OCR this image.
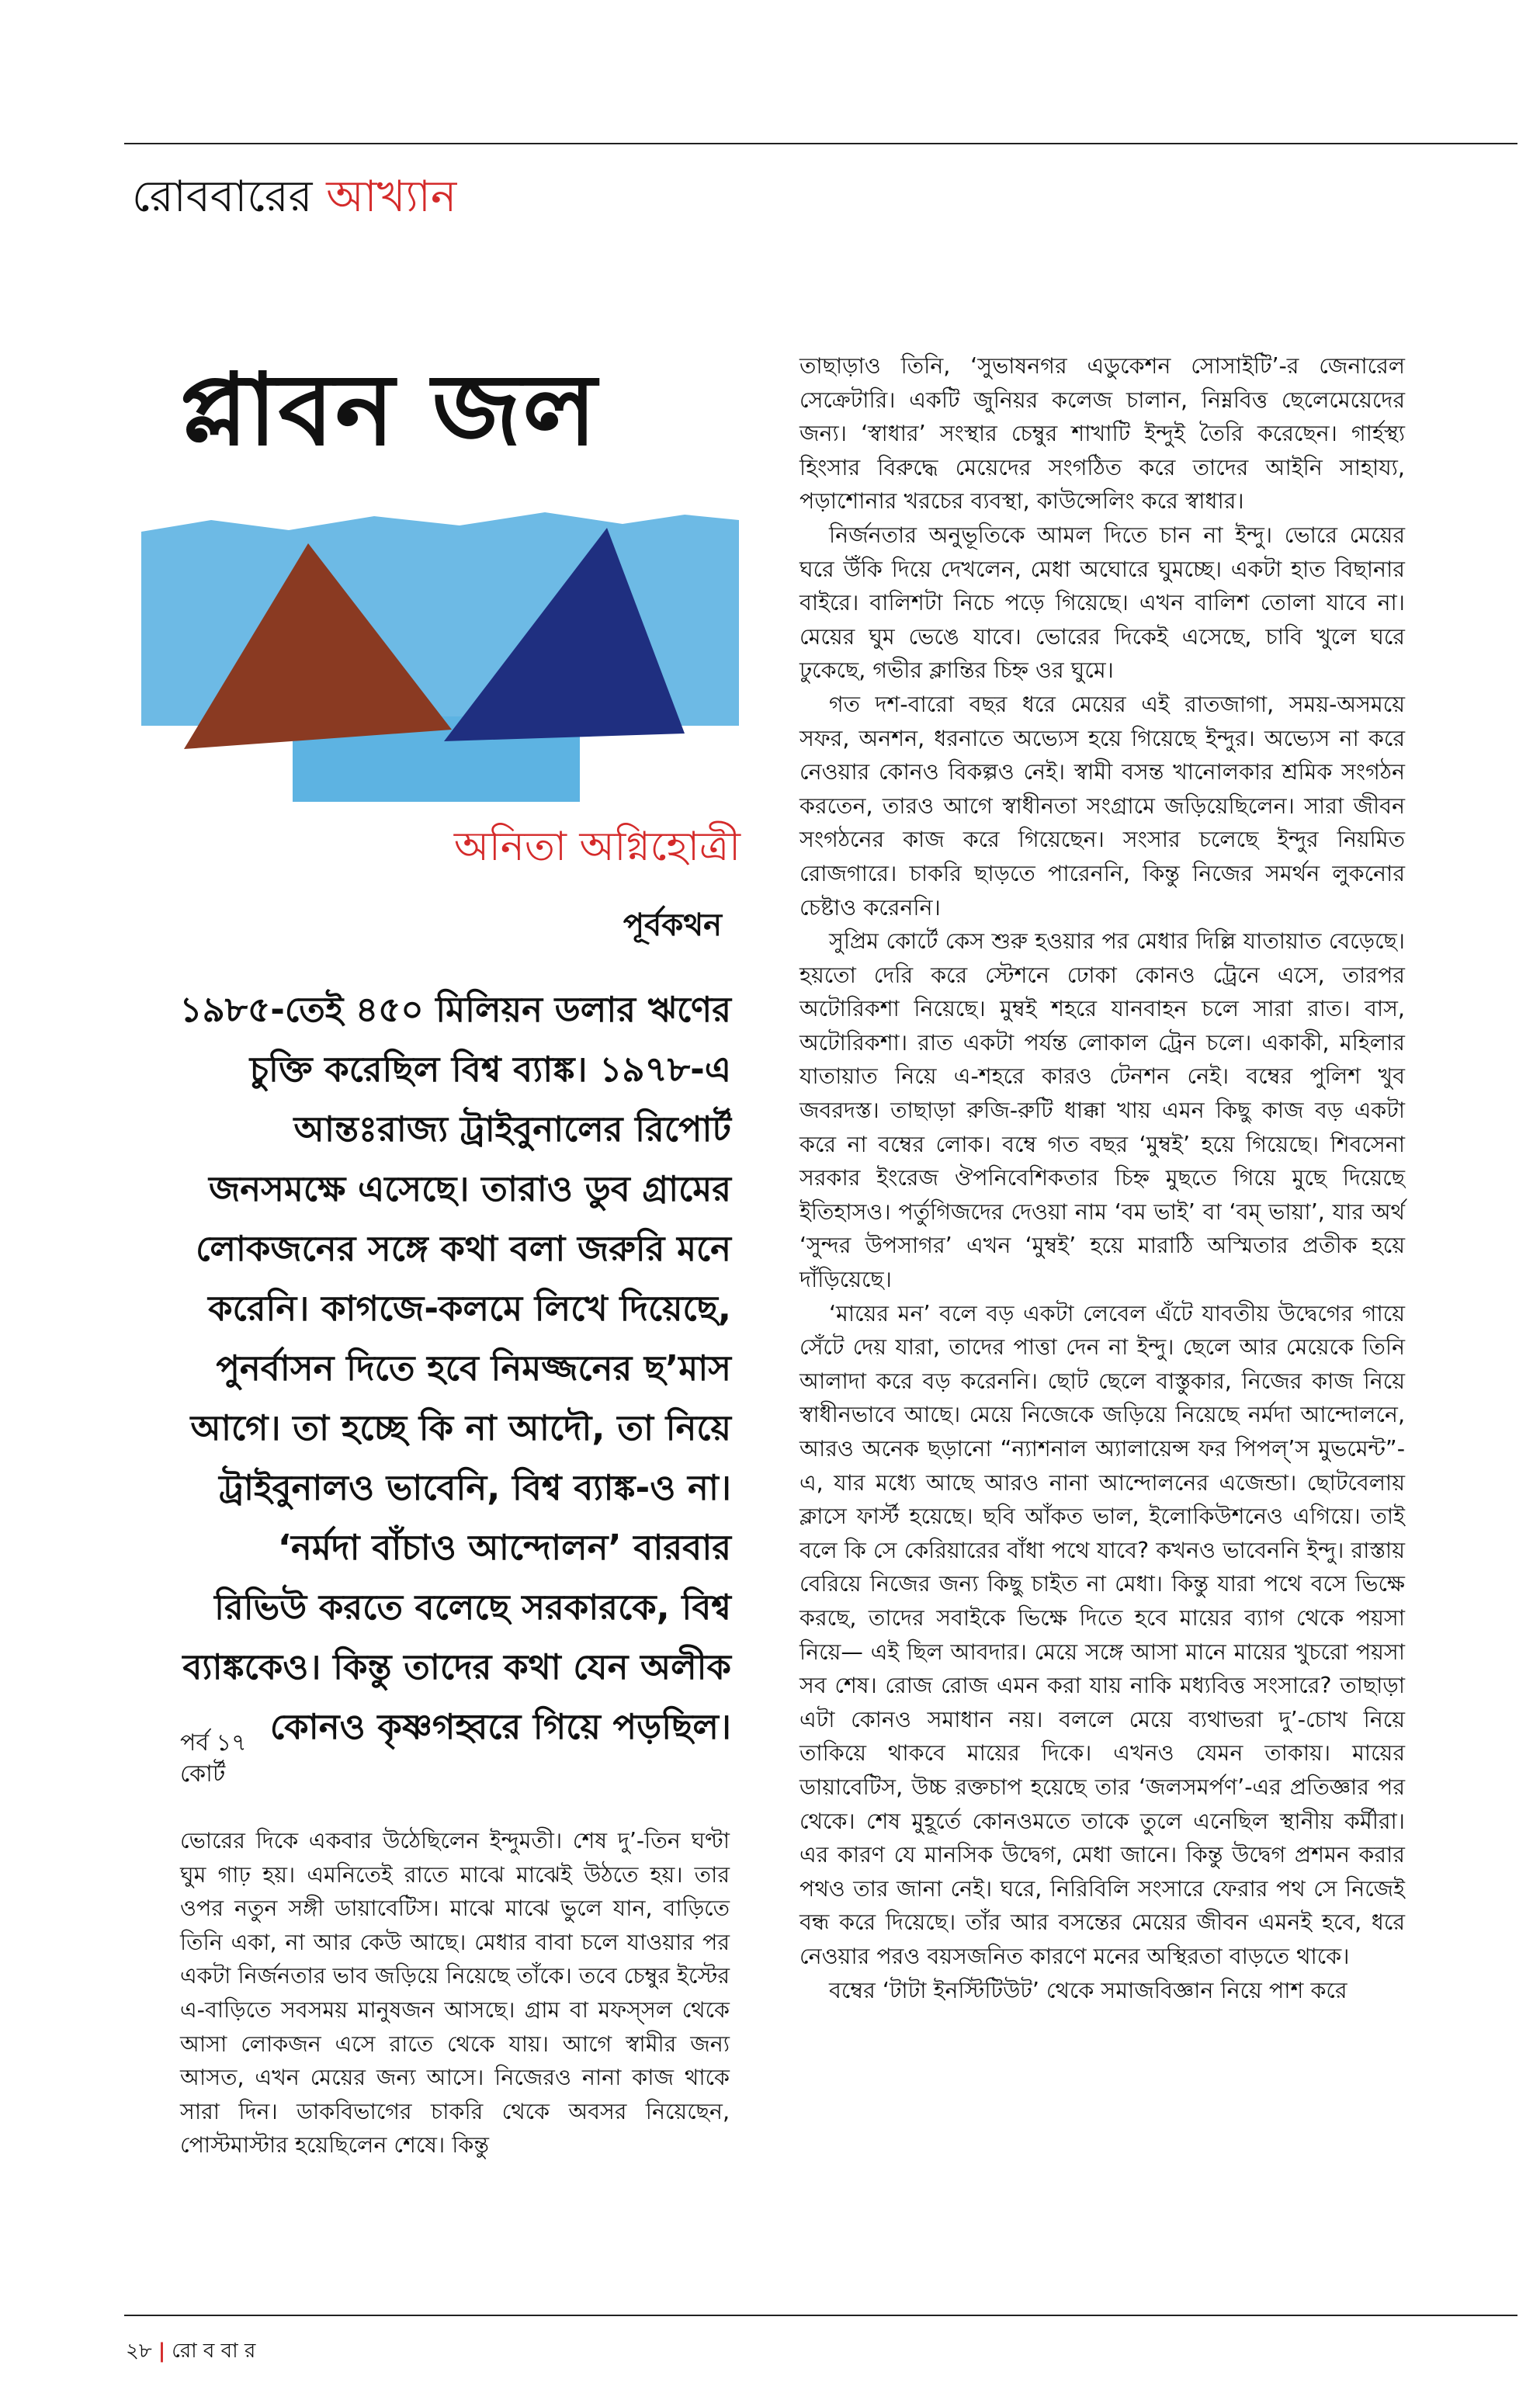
রোববারের আখ্যান
প্লাবন জল
অনিতা অগ্নিহোত্রী
পূর্বকথন

১৯৮৫-তেই ৪৫০ মিলিয়ন ডলার ঋণের চুক্তি করেছিল বিশ্ব ব্যাঙ্ক। ১৯৭৮-এ আন্তঃরাজ্য ট্রাইবুনালের রিপোর্ট জনসমক্ষে এসেছে। তারাও ডুব গ্রামের লোকজনের সঙ্গে কথা বলা জরুরি মনে করেনি। কাগজে-কলমে লিখে দিয়েছে, পুনর্বাসন দিতে হবে নিমজ্জনের ছ’মাস আগে। তা হচ্ছে কি না আদৌ, তা নিয়ে ট্রাইবুনালও ভাবেনি, বিশ্ব ব্যাঙ্ক-ও না। ‘নর্মদা বাঁচাও আন্দোলন’ বারবার রিভিউ করতে বলেছে সরকারকে, বিশ্ব ব্যাঙ্ককেও। কিন্তু তাদের কথা যেন অলীক কোনও কৃষ্ণগহ্বরে গিয়ে পড়ছিল।

পর্ব ১৭
কোর্ট

ভোরের দিকে একবার উঠেছিলেন ইন্দুমতী। শেষ দু’-তিন ঘণ্টা ঘুম গাঢ় হয়। এমনিতেই রাতে মাঝে মাঝেই উঠতে হয়। তার ওপর নতুন সঙ্গী ডায়াবেটিস। মাঝে মাঝে ভুলে যান, বাড়িতে তিনি একা, না আর কেউ আছে। মেধার বাবা চলে যাওয়ার পর একটা নির্জনতার ভাব জড়িয়ে নিয়েছে তাঁকে। তবে চেম্বুর ইস্টের এ-বাড়িতে সবসময় মানুষজন আসছে। গ্রাম বা মফস্সল থেকে আসা লোকজন এসে রাতে থেকে যায়। আগে স্বামীর জন্য আসত, এখন মেয়ের জন্য আসে। নিজেরও নানা কাজ থাকে সারা দিন। ডাকবিভাগের চাকরি থেকে অবসর নিয়েছেন, পোস্টমাস্টার হয়েছিলেন শেষে। কিন্তু

তাছাড়াও তিনি, ‘সুভাষনগর এডুকেশন সোসাইটি’-র জেনারেল সেক্রেটারি। একটি জুনিয়র কলেজ চালান, নিম্নবিত্ত ছেলেমেয়েদের জন্য। ‘স্বাধার’ সংস্থার চেম্বুর শাখাটি ইন্দুই তৈরি করেছেন। গার্হস্থ্য হিংসার বিরুদ্ধে মেয়েদের সংগঠিত করে তাদের আইনি সাহায্য, পড়াশোনার খরচের ব্যবস্থা, কাউন্সেলিং করে স্বাধার।

নির্জনতার অনুভূতিকে আমল দিতে চান না ইন্দু। ভোরে মেয়ের ঘরে উঁকি দিয়ে দেখলেন, মেধা অঘোরে ঘুমচ্ছে। একটা হাত বিছানার বাইরে। বালিশটা নিচে পড়ে গিয়েছে। এখন বালিশ তোলা যাবে না। মেয়ের ঘুম ভেঙে যাবে। ভোরের দিকেই এসেছে, চাবি খুলে ঘরে ঢুকেছে, গভীর ক্লান্তির চিহ্ন ওর ঘুমে।

গত দশ-বারো বছর ধরে মেয়ের এই রাতজাগা, সময়-অসময়ে সফর, অনশন, ধরনাতে অভ্যেস হয়ে গিয়েছে ইন্দুর। অভ্যেস না করে নেওয়ার কোনও বিকল্পও নেই। স্বামী বসন্ত খানোলকার শ্রমিক সংগঠন করতেন, তারও আগে স্বাধীনতা সংগ্রামে জড়িয়েছিলেন। সারা জীবন সংগঠনের কাজ করে গিয়েছেন। সংসার চলেছে ইন্দুর নিয়মিত রোজগারে। চাকরি ছাড়তে পারেননি, কিন্তু নিজের সমর্থন লুকনোর চেষ্টাও করেননি।

সুপ্রিম কোর্টে কেস শুরু হওয়ার পর মেধার দিল্লি যাতায়াত বেড়েছে। হয়তো দেরি করে স্টেশনে ঢোকা কোনও ট্রেনে এসে, তারপর অটোরিকশা নিয়েছে। মুম্বই শহরে যানবাহন চলে সারা রাত। বাস, অটোরিকশা। রাত একটা পর্যন্ত লোকাল ট্রেন চলে। একাকী, মহিলার যাতায়াত নিয়ে এ-শহরে কারও টেনশন নেই। বম্বের পুলিশ খুব জবরদস্ত। তাছাড়া রুজি-রুটি ধাক্কা খায় এমন কিছু কাজ বড় একটা করে না বম্বের লোক। বম্বে গত বছর ‘মুম্বই’ হয়ে গিয়েছে। শিবসেনা সরকার ইংরেজ ঔপনিবেশিকতার চিহ্ন মুছতে গিয়ে মুছে দিয়েছে ইতিহাসও। পর্তুগিজদের দেওয়া নাম ‘বম ভাই’ বা ‘বম্ ভায়া’, যার অর্থ ‘সুন্দর উপসাগর’ এখন ‘মুম্বই’ হয়ে মারাঠি অস্মিতার প্রতীক হয়ে দাঁড়িয়েছে।

‘মায়ের মন’ বলে বড় একটা লেবেল এঁটে যাবতীয় উদ্বেগের গায়ে সেঁটে দেয় যারা, তাদের পাত্তা দেন না ইন্দু। ছেলে আর মেয়েকে তিনি আলাদা করে বড় করেননি। ছোট ছেলে বাস্তুকার, নিজের কাজ নিয়ে স্বাধীনভাবে আছে। মেয়ে নিজেকে জড়িয়ে নিয়েছে নর্মদা আন্দোলনে, আরও অনেক ছড়ানো “ন্যাশনাল অ্যালায়েন্স ফর পিপল্’স মুভমেন্ট”-এ, যার মধ্যে আছে আরও নানা আন্দোলনের এজেন্ডা। ছোটবেলায় ক্লাসে ফার্স্ট হয়েছে। ছবি আঁকত ভাল, ইলোকিউশনেও এগিয়ে। তাই বলে কি সে কেরিয়ারের বাঁধা পথে যাবে? কখনও ভাবেননি ইন্দু। রাস্তায় বেরিয়ে নিজের জন্য কিছু চাইত না মেধা। কিন্তু যারা পথে বসে ভিক্ষে করছে, তাদের সবাইকে ভিক্ষে দিতে হবে মায়ের ব্যাগ থেকে পয়সা নিয়ে— এই ছিল আবদার। মেয়ে সঙ্গে আসা মানে মায়ের খুচরো পয়সা সব শেষ। রোজ রোজ এমন করা যায় নাকি মধ্যবিত্ত সংসারে? তাছাড়া এটা কোনও সমাধান নয়। বললে মেয়ে ব্যথাভরা দু’-চোখ নিয়ে তাকিয়ে থাকবে মায়ের দিকে। এখনও যেমন তাকায়। মায়ের ডায়াবেটিস, উচ্চ রক্তচাপ হয়েছে তার ‘জলসমর্পণ’-এর প্রতিজ্ঞার পর থেকে। শেষ মুহূর্তে কোনওমতে তাকে তুলে এনেছিল স্থানীয় কর্মীরা। এর কারণ যে মানসিক উদ্বেগ, মেধা জানে। কিন্তু উদ্বেগ প্রশমন করার পথও তার জানা নেই। ঘরে, নিরিবিলি সংসারে ফেরার পথ সে নিজেই বন্ধ করে দিয়েছে। তাঁর আর বসন্তের মেয়ের জীবন এমনই হবে, ধরে নেওয়ার পরও বয়সজনিত কারণে মনের অস্থিরতা বাড়তে থাকে।

বম্বের ‘টাটা ইনস্টিটিউট’ থেকে সমাজবিজ্ঞান নিয়ে পাশ করে

২৮ | রো ব বা র
